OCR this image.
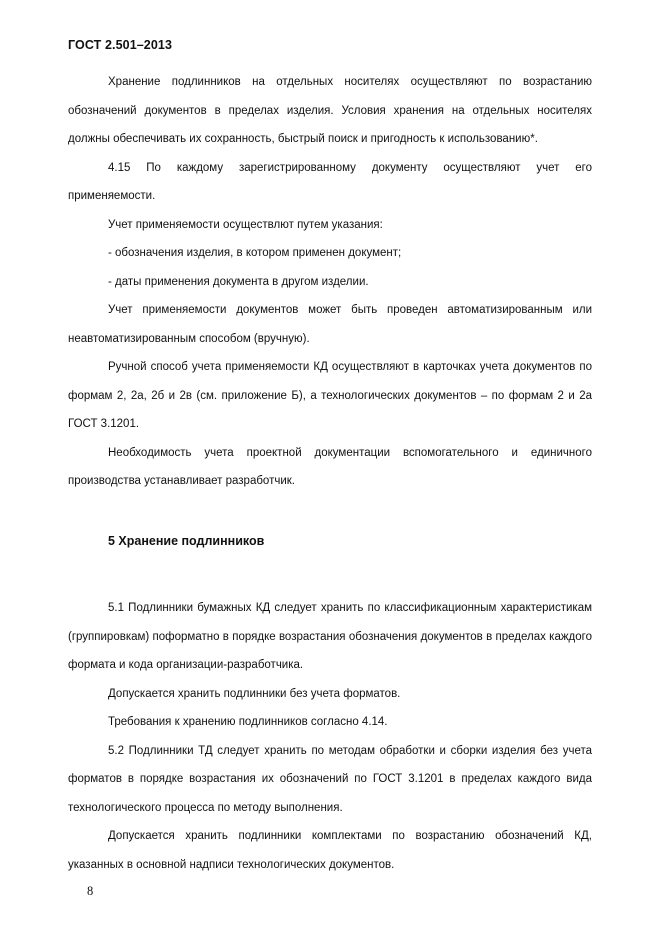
ГОСТ 2.501–2013

Хранение подлинников на отдельных носителях осуществляют по возрастанию обозначений документов в пределах изделия. Условия хранения на отдельных носителях должны обеспечивать их сохранность, быстрый поиск и пригодность к использованию*.

4.15 По каждому зарегистрированному документу осуществляют учет его применяемости.

Учет применяемости осуществлют путем указания:

- обозначения изделия, в котором применен документ;

- даты применения документа в другом изделии.

Учет применяемости документов может быть проведен автоматизированным или неавтоматизированным способом (вручную).

Ручной способ учета применяемости КД осуществляют в карточках учета документов по формам 2, 2а, 2б и 2в (см. приложение Б), а технологических документов – по формам 2 и 2а ГОСТ 3.1201.

Необходимость учета проектной документации вспомогательного и единичного производства устанавливает разработчик.

5 Хранение подлинников

5.1 Подлинники бумажных КД следует хранить по классификационным характеристикам (группировкам) поформатно в порядке возрастания обозначения документов в пределах каждого формата и кода организации-разработчика.

Допускается хранить подлинники без учета форматов.

Требования к хранению подлинников согласно 4.14.

5.2 Подлинники ТД следует хранить по методам обработки и сборки изделия без учета форматов в порядке возрастания их обозначений по ГОСТ 3.1201 в пределах каждого вида технологического процесса по методу выполнения.

Допускается хранить подлинники комплектами по возрастанию обозначений КД, указанных в основной надписи технологических документов.

8
